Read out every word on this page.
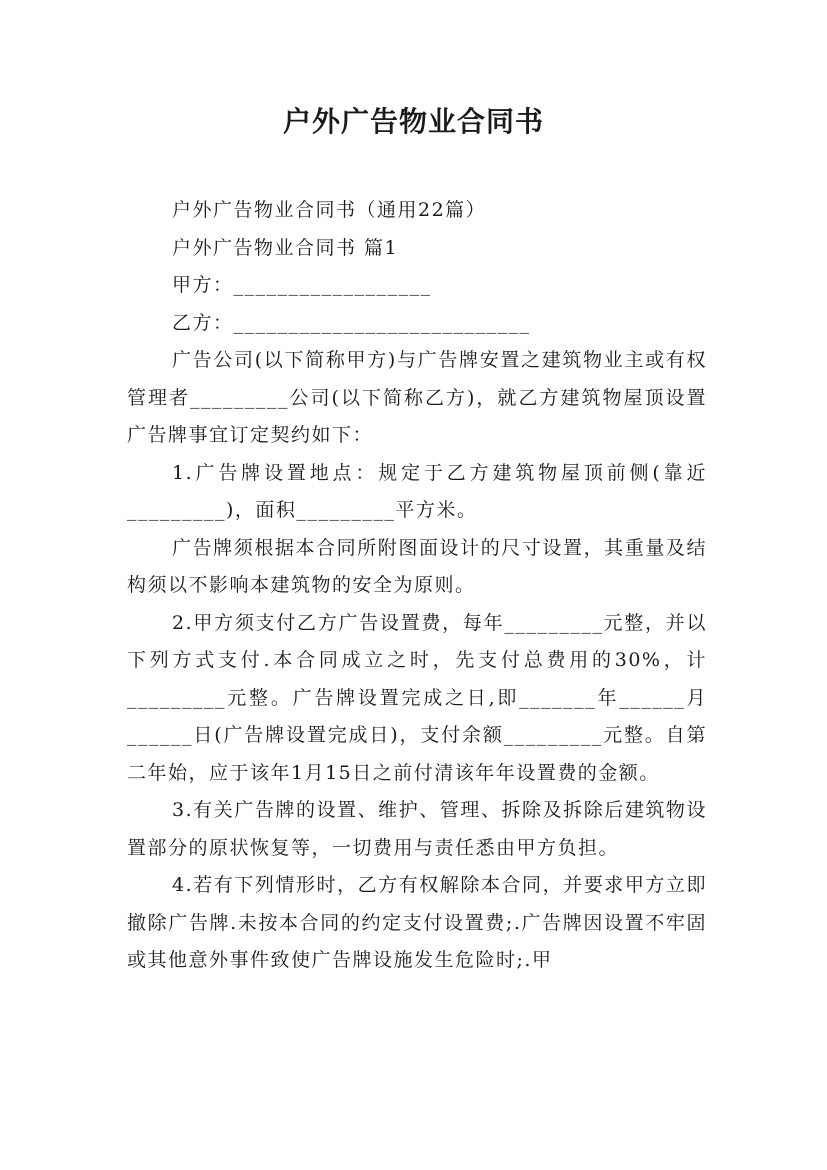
户外广告物业合同书

户外广告物业合同书（通用22篇）

户外广告物业合同书 篇1

甲方：__________________

乙方：___________________________

广告公司(以下简称甲方)与广告牌安置之建筑物业主或有权管理者_________公司(以下简称乙方)，就乙方建筑物屋顶设置广告牌事宜订定契约如下：

1.广告牌设置地点：规定于乙方建筑物屋顶前侧(靠近_________)，面积_________平方米。

广告牌须根据本合同所附图面设计的尺寸设置，其重量及结构须以不影响本建筑物的安全为原则。

2.甲方须支付乙方广告设置费，每年_________元整，并以下列方式支付.本合同成立之时，先支付总费用的30%，计_________元整。广告牌设置完成之日,即_______年______月______日(广告牌设置完成日)，支付余额_________元整。自第二年始，应于该年1月15日之前付清该年年设置费的金额。

3.有关广告牌的设置、维护、管理、拆除及拆除后建筑物设置部分的原状恢复等，一切费用与责任悉由甲方负担。

4.若有下列情形时，乙方有权解除本合同，并要求甲方立即撤除广告牌.未按本合同的约定支付设置费;.广告牌因设置不牢固或其他意外事件致使广告牌设施发生危险时;.甲
